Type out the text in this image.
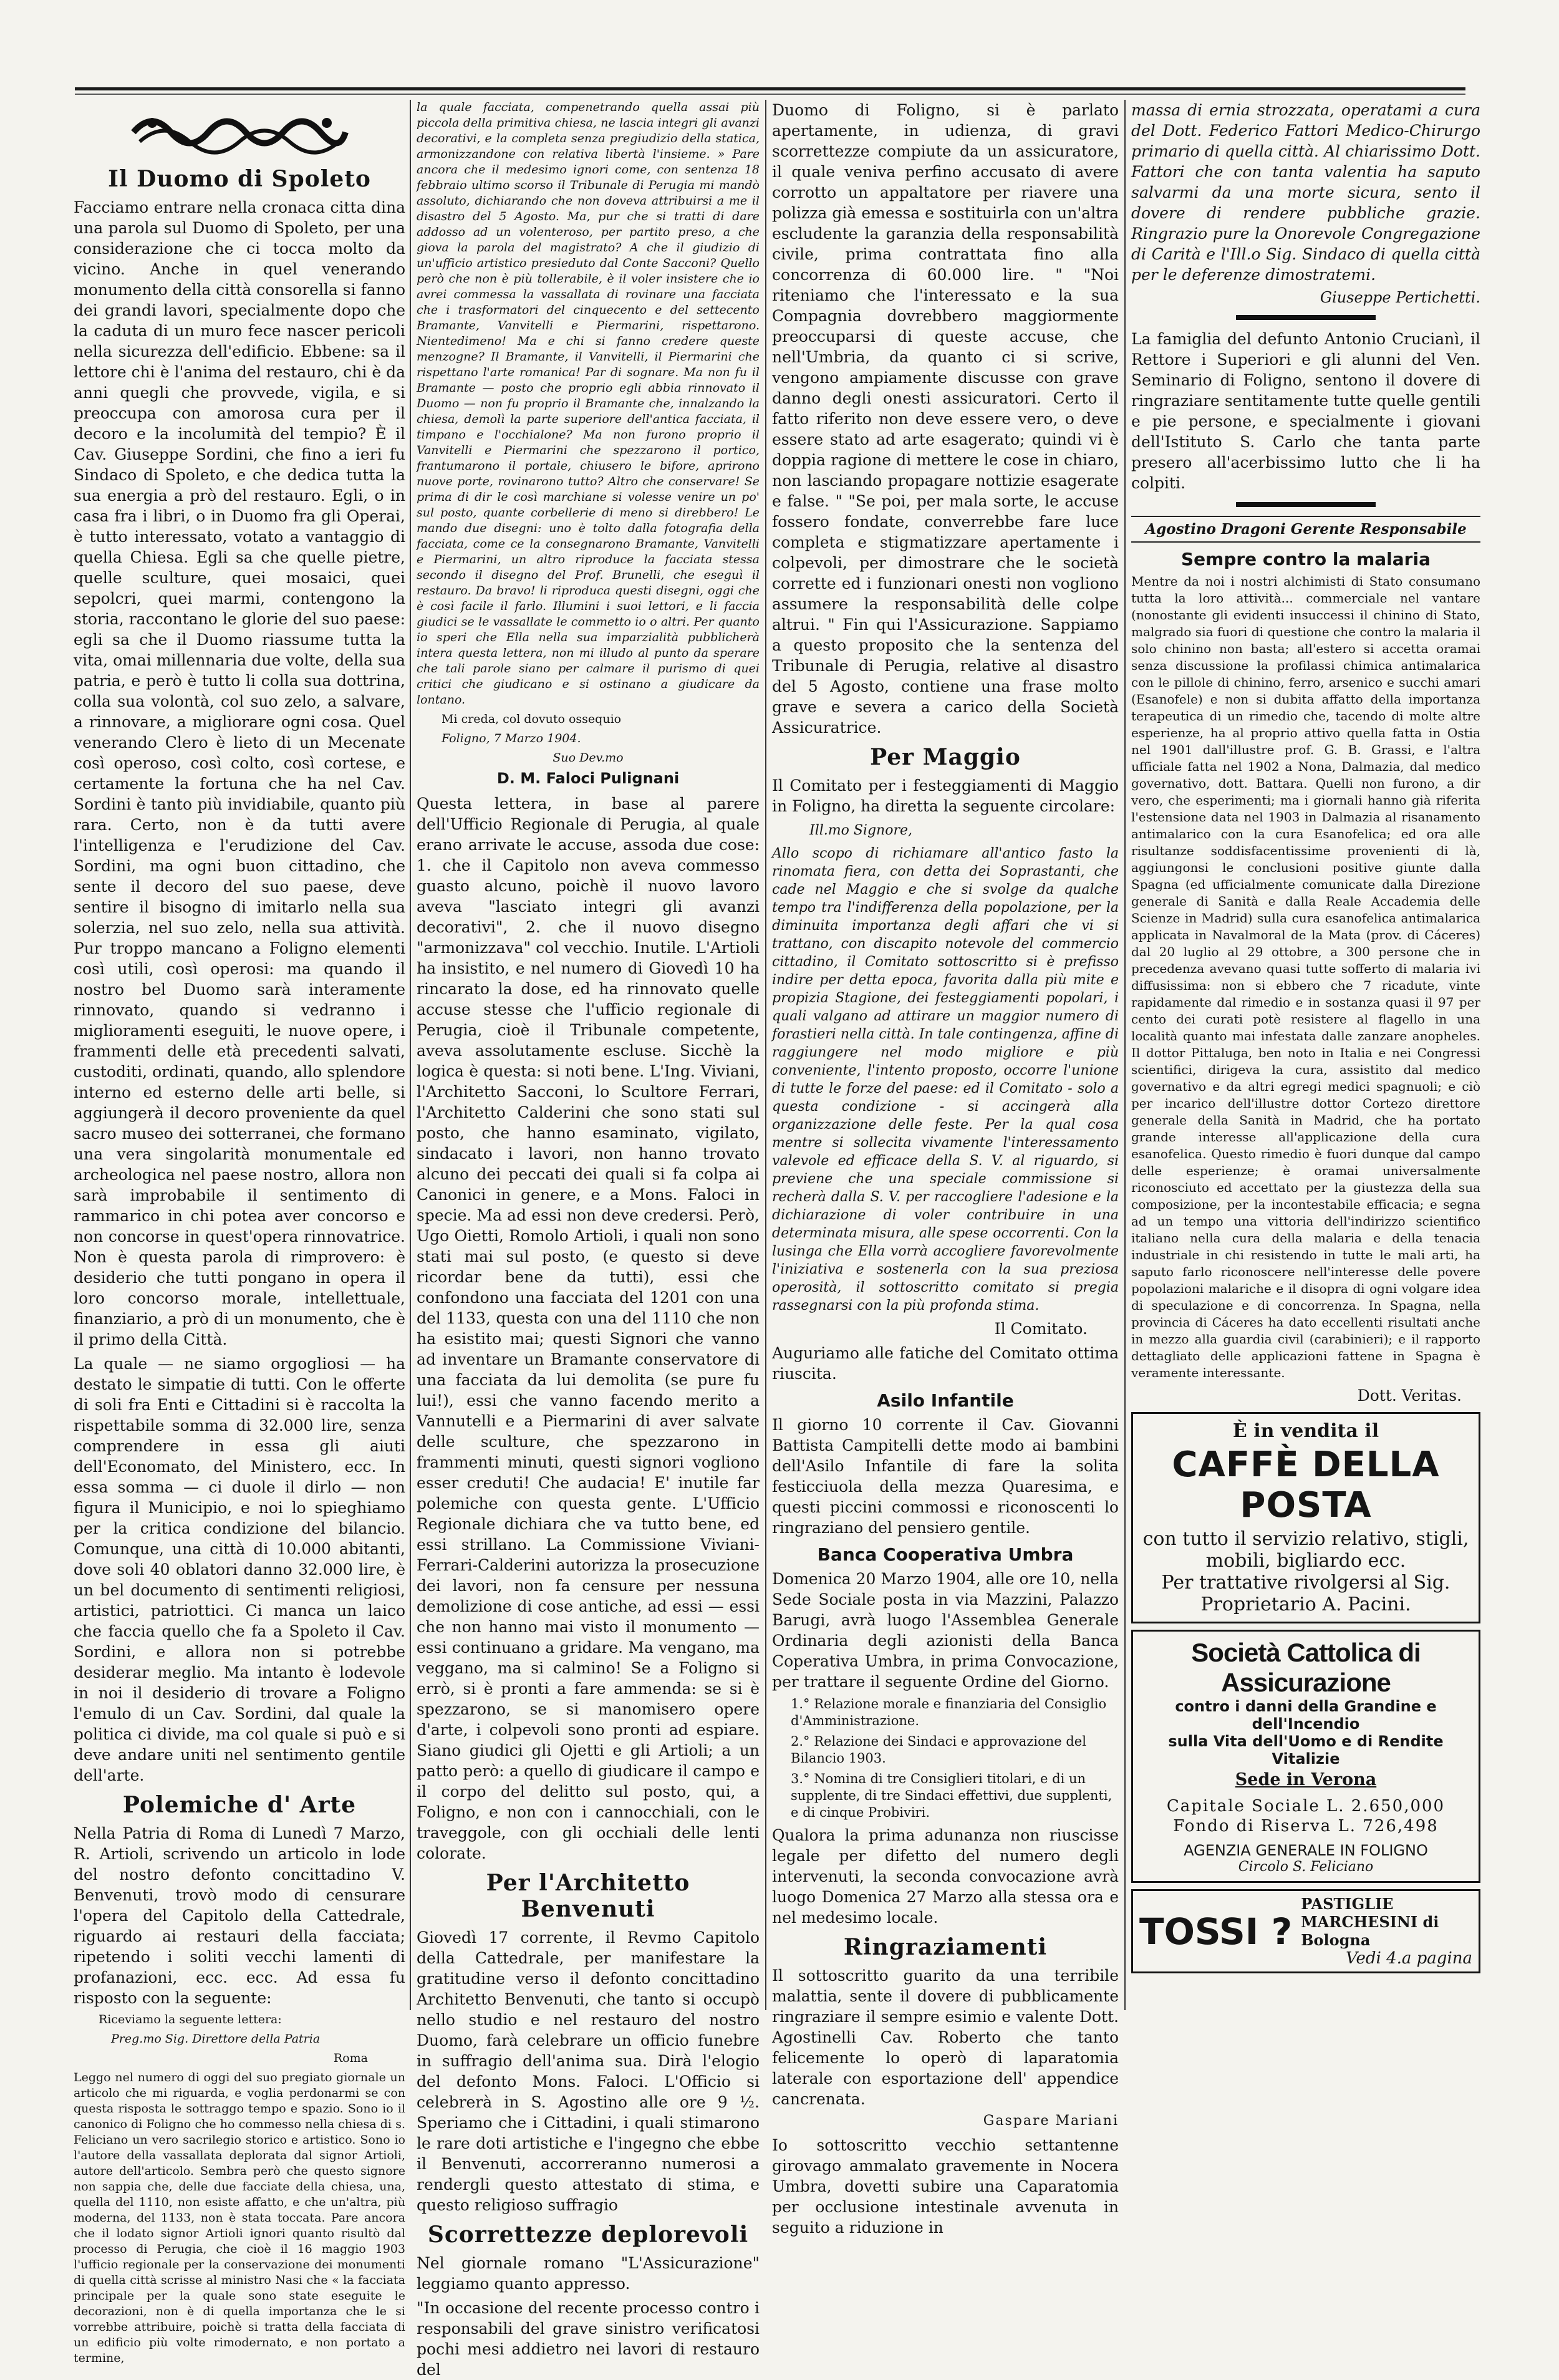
Il Duomo di Spoleto

Facciamo entrare nella cronaca citta dina una parola sul Duomo di Spoleto, per una considerazione che ci tocca molto da vicino. Anche in quel venerando monumento della città consorella si fanno dei grandi lavori, specialmente dopo che la caduta di un muro fece nascer pericoli nella sicurezza dell'edificio. Ebbene: sa il lettore chi è l'anima del restauro, chi è da anni quegli che provvede, vigila, e si preoccupa con amorosa cura per il decoro e la incolumità del tempio? È il Cav. Giuseppe Sordini, che fino a ieri fu Sindaco di Spoleto, e che dedica tutta la sua energia a prò del restauro. Egli, o in casa fra i libri, o in Duomo fra gli Operai, è tutto interessato, votato a vantaggio di quella Chiesa. Egli sa che quelle pietre, quelle sculture, quei mosaici, quei sepolcri, quei marmi, contengono la storia, raccontano le glorie del suo paese: egli sa che il Duomo riassume tutta la vita, omai millennaria due volte, della sua patria, e però è tutto li colla sua dottrina, colla sua volontà, col suo zelo, a salvare, a rinnovare, a migliorare ogni cosa. Quel venerando Clero è lieto di un Mecenate così operoso, così colto, così cortese, e certamente la fortuna che ha nel Cav. Sordini è tanto più invidiabile, quanto più rara. Certo, non è da tutti avere l'intelligenza e l'erudizione del Cav. Sordini, ma ogni buon cittadino, che sente il decoro del suo paese, deve sentire il bisogno di imitarlo nella sua solerzia, nel suo zelo, nella sua attività. Pur troppo mancano a Foligno elementi così utili, così operosi: ma quando il nostro bel Duomo sarà interamente rinnovato, quando si vedranno i miglioramenti eseguiti, le nuove opere, i frammenti delle età precedenti salvati, custoditi, ordinati, quando, allo splendore interno ed esterno delle arti belle, si aggiungerà il decoro proveniente da quel sacro museo dei sotterranei, che formano una vera singolarità monumentale ed archeologica nel paese nostro, allora non sarà improbabile il sentimento di rammarico in chi potea aver concorso e non concorse in quest'opera rinnovatrice. Non è questa parola di rimprovero: è desiderio che tutti pongano in opera il loro concorso morale, intellettuale, finanziario, a prò di un monumento, che è il primo della Città.

La quale — ne siamo orgogliosi — ha destato le simpatie di tutti. Con le offerte di soli fra Enti e Cittadini si è raccolta la rispettabile somma di 32.000 lire, senza comprendere in essa gli aiuti dell'Economato, del Ministero, ecc. In essa somma — ci duole il dirlo — non figura il Municipio, e noi lo spieghiamo per la critica condizione del bilancio. Comunque, una città di 10.000 abitanti, dove soli 40 oblatori danno 32.000 lire, è un bel documento di sentimenti religiosi, artistici, patriottici. Ci manca un laico che faccia quello che fa a Spoleto il Cav. Sordini, e allora non si potrebbe desiderar meglio. Ma intanto è lodevole in noi il desiderio di trovare a Foligno l'emulo di un Cav. Sordini, dal quale la politica ci divide, ma col quale si può e si deve andare uniti nel sentimento gentile dell'arte.

Polemiche d' Arte

Nella Patria di Roma di Lunedì 7 Marzo, R. Artioli, scrivendo un articolo in lode del nostro defonto concittadino V. Benvenuti, trovò modo di censurare l'opera del Capitolo della Cattedrale, riguardo ai restauri della facciata; ripetendo i soliti vecchi lamenti di profanazioni, ecc. ecc. Ad essa fu risposto con la seguente:

Riceviamo la seguente lettera:

Preg.mo Sig. Direttore della Patria

Roma

Leggo nel numero di oggi del suo pregiato giornale un articolo che mi riguarda, e voglia perdonarmi se con questa risposta le sottraggo tempo e spazio. Sono io il canonico di Foligno che ho commesso nella chiesa di s. Feliciano un vero sacrilegio storico e artistico. Sono io l'autore della vassallata deplorata dal signor Artioli, autore dell'articolo. Sembra però che questo signore non sappia che, delle due facciate della chiesa, una, quella del 1110, non esiste affatto, e che un'altra, più moderna, del 1133, non è stata toccata. Pare ancora che il lodato signor Artioli ignori quanto risultò dal processo di Perugia, che cioè il 16 maggio 1903 l'ufficio regionale per la conservazione dei monumenti di quella città scrisse al ministro Nasi che « la facciata principale per la quale sono state eseguite le decorazioni, non è di quella importanza che le si vorrebbe attribuire, poichè si tratta della facciata di un edificio più volte rimodernato, e non portato a termine,

la quale facciata, compenetrando quella assai più piccola della primitiva chiesa, ne lascia integri gli avanzi decorativi, e la completa senza pregiudizio della statica, armonizzandone con relativa libertà l'insieme. » Pare ancora che il medesimo ignori come, con sentenza 18 febbraio ultimo scorso il Tribunale di Perugia mi mandò assoluto, dichiarando che non doveva attribuirsi a me il disastro del 5 Agosto. Ma, pur che si tratti di dare addosso ad un volenteroso, per partito preso, a che giova la parola del magistrato? A che il giudizio di un'ufficio artistico presieduto dal Conte Sacconi? Quello però che non è più tollerabile, è il voler insistere che io avrei commessa la vassallata di rovinare una facciata che i trasformatori del cinquecento e del settecento Bramante, Vanvitelli e Piermarini, rispettarono. Nientedimeno! Ma e chi si fanno credere queste menzogne? Il Bramante, il Vanvitelli, il Piermarini che rispettano l'arte romanica! Par di sognare. Ma non fu il Bramante — posto che proprio egli abbia rinnovato il Duomo — non fu proprio il Bramante che, innalzando la chiesa, demolì la parte superiore dell'antica facciata, il timpano e l'occhialone? Ma non furono proprio il Vanvitelli e Piermarini che spezzarono il portico, frantumarono il portale, chiusero le bifore, aprirono nuove porte, rovinarono tutto? Altro che conservare! Se prima di dir le così marchiane si volesse venire un po' sul posto, quante corbellerie di meno si direbbero! Le mando due disegni: uno è tolto dalla fotografia della facciata, come ce la consegnarono Bramante, Vanvitelli e Piermarini, un altro riproduce la facciata stessa secondo il disegno del Prof. Brunelli, che eseguì il restauro. Da bravo! li riproduca questi disegni, oggi che è così facile il farlo. Illumini i suoi lettori, e li faccia giudici se le vassallate le commetto io o altri. Per quanto io speri che Ella nella sua imparzialità pubblicherà intera questa lettera, non mi illudo al punto da sperare che tali parole siano per calmare il purismo di quei critici che giudicano e si ostinano a giudicare da lontano.

Mi creda, col dovuto ossequio

Foligno, 7 Marzo 1904.

Suo Dev.mo

D. M. Faloci Pulignani

Questa lettera, in base al parere dell'Ufficio Regionale di Perugia, al quale erano arrivate le accuse, assoda due cose: 1. che il Capitolo non aveva commesso guasto alcuno, poichè il nuovo lavoro aveva "lasciato integri gli avanzi decorativi", 2. che il nuovo disegno "armonizzava" col vecchio. Inutile. L'Artioli ha insistito, e nel numero di Giovedì 10 ha rincarato la dose, ed ha rinnovato quelle accuse stesse che l'ufficio regionale di Perugia, cioè il Tribunale competente, aveva assolutamente escluse. Sicchè la logica è questa: si noti bene. L'Ing. Viviani, l'Architetto Sacconi, lo Scultore Ferrari, l'Architetto Calderini che sono stati sul posto, che hanno esaminato, vigilato, sindacato i lavori, non hanno trovato alcuno dei peccati dei quali si fa colpa ai Canonici in genere, e a Mons. Faloci in specie. Ma ad essi non deve credersi. Però, Ugo Oietti, Romolo Artioli, i quali non sono stati mai sul posto, (e questo si deve ricordar bene da tutti), essi che confondono una facciata del 1201 con una del 1133, questa con una del 1110 che non ha esistito mai; questi Signori che vanno ad inventare un Bramante conservatore di una facciata da lui demolita (se pure fu lui!), essi che vanno facendo merito a Vannutelli e a Piermarini di aver salvate delle sculture, che spezzarono in frammenti minuti, questi signori vogliono esser creduti! Che audacia! E' inutile far polemiche con questa gente. L'Ufficio Regionale dichiara che va tutto bene, ed essi strillano. La Commissione Viviani-Ferrari-Calderini autorizza la prosecuzione dei lavori, non fa censure per nessuna demolizione di cose antiche, ad essi — essi che non hanno mai visto il monumento — essi continuano a gridare. Ma vengano, ma veggano, ma si calmino! Se a Foligno si errò, si è pronti a fare ammenda: se si è spezzarono, se si manomisero opere d'arte, i colpevoli sono pronti ad espiare. Siano giudici gli Ojetti e gli Artioli; a un patto però: a quello di giudicare il campo e il corpo del delitto sul posto, qui, a Foligno, e non con i cannocchiali, con le traveggole, con gli occhiali delle lenti colorate.

Per l'Architetto Benvenuti

Giovedì 17 corrente, il Revmo Capitolo della Cattedrale, per manifestare la gratitudine verso il defonto concittadino Architetto Benvenuti, che tanto si occupò nello studio e nel restauro del nostro Duomo, farà celebrare un officio funebre in suffragio dell'anima sua. Dirà l'elogio del defonto Mons. Faloci. L'Officio si celebrerà in S. Agostino alle ore 9 ½. Speriamo che i Cittadini, i quali stimarono le rare doti artistiche e l'ingegno che ebbe il Benvenuti, accorreranno numerosi a rendergli questo attestato di stima, e questo religioso suffragio

Scorrettezze deplorevoli

Nel giornale romano "L'Assicurazione" leggiamo quanto appresso.

"In occasione del recente processo contro i responsabili del grave sinistro verificatosi pochi mesi addietro nei lavori di restauro del

Duomo di Foligno, si è parlato apertamente, in udienza, di gravi scorrettezze compiute da un assicuratore, il quale veniva perfino accusato di avere corrotto un appaltatore per riavere una polizza già emessa e sostituirla con un'altra escludente la garanzia della responsabilità civile, prima contrattata fino alla concorrenza di 60.000 lire. " "Noi riteniamo che l'interessato e la sua Compagnia dovrebbero maggiormente preoccuparsi di queste accuse, che nell'Umbria, da quanto ci si scrive, vengono ampiamente discusse con grave danno degli onesti assicuratori. Certo il fatto riferito non deve essere vero, o deve essere stato ad arte esagerato; quindi vi è doppia ragione di mettere le cose in chiaro, non lasciando propagare nottizie esagerate e false. " "Se poi, per mala sorte, le accuse fossero fondate, converrebbe fare luce completa e stigmatizzare apertamente i colpevoli, per dimostrare che le società corrette ed i funzionari onesti non vogliono assumere la responsabilità delle colpe altrui. " Fin qui l'Assicurazione. Sappiamo a questo proposito che la sentenza del Tribunale di Perugia, relative al disastro del 5 Agosto, contiene una frase molto grave e severa a carico della Società Assicuratrice.

Per Maggio

Il Comitato per i festeggiamenti di Maggio in Foligno, ha diretta la seguente circolare:

Ill.mo Signore,

Allo scopo di richiamare all'antico fasto la rinomata fiera, con detta dei Soprastanti, che cade nel Maggio e che si svolge da qualche tempo tra l'indifferenza della popolazione, per la diminuita importanza degli affari che vi si trattano, con discapito notevole del commercio cittadino, il Comitato sottoscritto si è prefisso indire per detta epoca, favorita dalla più mite e propizia Stagione, dei festeggiamenti popolari, i quali valgano ad attirare un maggior numero di forastieri nella città. In tale contingenza, affine di raggiungere nel modo migliore e più conveniente, l'intento proposto, occorre l'unione di tutte le forze del paese: ed il Comitato - solo a questa condizione - si accingerà alla organizzazione delle feste. Per la qual cosa mentre si sollecita vivamente l'interessamento valevole ed efficace della S. V. al riguardo, si previene che una speciale commissione si recherà dalla S. V. per raccogliere l'adesione e la dichiarazione di voler contribuire in una determinata misura, alle spese occorrenti. Con la lusinga che Ella vorrà accogliere favorevolmente l'iniziativa e sostenerla con la sua preziosa operosità, il sottoscritto comitato si pregia rassegnarsi con la più profonda stima.

Il Comitato.

Auguriamo alle fatiche del Comitato ottima riuscita.

Asilo Infantile

Il giorno 10 corrente il Cav. Giovanni Battista Campitelli dette modo ai bambini dell'Asilo Infantile di fare la solita festicciuola della mezza Quaresima, e questi piccini commossi e riconoscenti lo ringraziano del pensiero gentile.

Banca Cooperativa Umbra

Domenica 20 Marzo 1904, alle ore 10, nella Sede Sociale posta in via Mazzini, Palazzo Barugi, avrà luogo l'Assemblea Generale Ordinaria degli azionisti della Banca Coperativa Umbra, in prima Convocazione, per trattare il seguente Ordine del Giorno.

1.° Relazione morale e finanziaria del Consiglio d'Amministrazione.
2.° Relazione dei Sindaci e approvazione del Bilancio 1903.
3.° Nomina di tre Consiglieri titolari, e di un supplente, di tre Sindaci effettivi, due supplenti, e di cinque Probiviri.

Qualora la prima adunanza non riuscisse legale per difetto del numero degli intervenuti, la seconda convocazione avrà luogo Domenica 27 Marzo alla stessa ora e nel medesimo locale.

Ringraziamenti

Il sottoscritto guarito da una terribile malattia, sente il dovere di pubblicamente ringraziare il sempre esimio e valente Dott. Agostinelli Cav. Roberto che tanto felicemente lo operò di laparatomia laterale con esportazione dell' appendice cancrenata.

Gaspare Mariani

Io sottoscritto vecchio settantenne girovago ammalato gravemente in Nocera Umbra, dovetti subire una Caparatomia per occlusione intestinale avvenuta in seguito a riduzione in

massa di ernia strozzata, operatami a cura del Dott. Federico Fattori Medico-Chirurgo primario di quella città. Al chiarissimo Dott. Fattori che con tanta valentia ha saputo salvarmi da una morte sicura, sento il dovere di rendere pubbliche grazie. Ringrazio pure la Onorevole Congregazione di Carità e l'Ill.o Sig. Sindaco di quella città per le deferenze dimostratemi.

Giuseppe Pertichetti.

La famiglia del defunto Antonio Crucianì, il Rettore i Superiori e gli alunni del Ven. Seminario di Foligno, sentono il dovere di ringraziare sentitamente tutte quelle gentili e pie persone, e specialmente i giovani dell'Istituto S. Carlo che tanta parte presero all'acerbissimo lutto che li ha colpiti.

Agostino Dragoni Gerente Responsabile
Sempre contro la malaria

Mentre da noi i nostri alchimisti di Stato consumano tutta la loro attività... commerciale nel vantare (nonostante gli evidenti insuccessi il chinino di Stato, malgrado sia fuori di questione che contro la malaria il solo chinino non basta; all'estero si accetta oramai senza discussione la profilassi chimica antimalarica con le pillole di chinino, ferro, arsenico e succhi amari (Esanofele) e non si dubita affatto della importanza terapeutica di un rimedio che, tacendo di molte altre esperienze, ha al proprio attivo quella fatta in Ostia nel 1901 dall'illustre prof. G. B. Grassi, e l'altra ufficiale fatta nel 1902 a Nona, Dalmazia, dal medico governativo, dott. Battara. Quelli non furono, a dir vero, che esperimenti; ma i giornali hanno già riferita l'estensione data nel 1903 in Dalmazia al risanamento antimalarico con la cura Esanofelica; ed ora alle risultanze soddisfacentissime provenienti di là, aggiungonsi le conclusioni positive giunte dalla Spagna (ed ufficialmente comunicate dalla Direzione generale di Sanità e dalla Reale Accademia delle Scienze in Madrid) sulla cura esanofelica antimalarica applicata in Navalmoral de la Mata (prov. di Cáceres) dal 20 luglio al 29 ottobre, a 300 persone che in precedenza avevano quasi tutte sofferto di malaria ivi diffusissima: non si ebbero che 7 ricadute, vinte rapidamente dal rimedio e in sostanza quasi il 97 per cento dei curati potè resistere al flagello in una località quanto mai infestata dalle zanzare anopheles. Il dottor Pittaluga, ben noto in Italia e nei Congressi scientifici, dirigeva la cura, assistito dal medico governativo e da altri egregi medici spagnuoli; e ciò per incarico dell'illustre dottor Cortezo direttore generale della Sanità in Madrid, che ha portato grande interesse all'applicazione della cura esanofelica. Questo rimedio è fuori dunque dal campo delle esperienze; è oramai universalmente riconosciuto ed accettato per la giustezza della sua composizione, per la incontestabile efficacia; e segna ad un tempo una vittoria dell'indirizzo scientifico italiano nella cura della malaria e della tenacia industriale in chi resistendo in tutte le mali arti, ha saputo farlo riconoscere nell'interesse delle povere popolazioni malariche e il disopra di ogni volgare idea di speculazione e di concorrenza. In Spagna, nella provincia di Cáceres ha dato eccellenti risultati anche in mezzo alla guardia civil (carabinieri); e il rapporto dettagliato delle applicazioni fattene in Spagna è veramente interessante.

Dott. Veritas.

È in vendita il
CAFFÈ DELLA POSTA
con tutto il servizio relativo, stigli,
mobili, bigliardo ecc.
Per trattative rivolgersi al Sig.
Proprietario A. Pacini.
Società Cattolica di Assicurazione
contro i danni della Grandine e dell'Incendio
sulla Vita dell'Uomo e di Rendite Vitalizie
Sede in Verona
Capitale Sociale L. 2.650,000
Fondo di Riserva L. 726,498
AGENZIA GENERALE IN FOLIGNO
Circolo S. Feliciano
TOSSI ?
PASTIGLIE MARCHESINI di Bologna
Vedi 4.a pagina
